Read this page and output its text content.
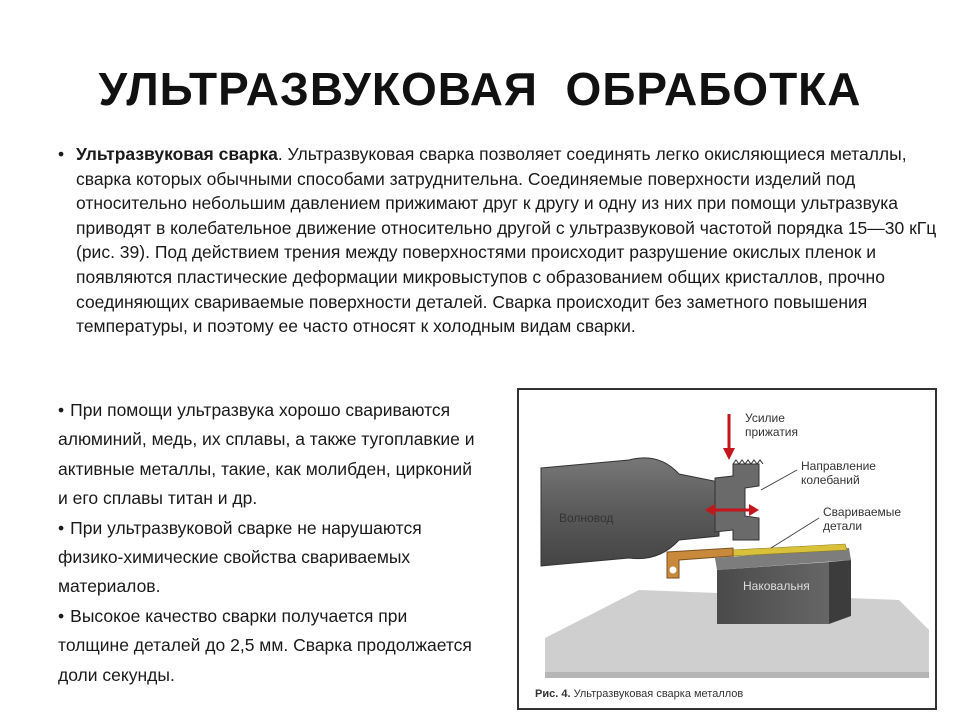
УЛЬТРАЗВУКОВАЯ  ОБРАБОТКА
• Ультразвуковая сварка. Ультразвуковая сварка позволяет соединять легко окисляющиеся металлы, сварка которых обычными способами затруднительна. Соединяемые поверхности изделий под относительно небольшим давлением прижимают друг к другу и одну из них при помощи ультразвука приводят в колебательное движение относительно другой с ультразвуковой частотой порядка 15—30 кГц (рис. 39). Под действием трения между поверхностями происходит разрушение окислых пленок и появляются пластические деформации микровыступов с образованием общих кристаллов, прочно соединяющих свариваемые поверхности деталей. Сварка происходит без заметного повышения температуры, и поэтому ее часто относят к холодным видам сварки.
• При помощи ультразвука хорошо свариваются алюминий, медь, их сплавы, а также тугоплавкие и активные металлы, такие, как молибден, цирконий и его сплавы титан и др.
• При ультразвуковой сварке не нарушаются физико-химические свойства свариваемых материалов.
• Высокое качество сварки получается при толщине деталей до 2,5 мм. Сварка продолжается доли секунды.
Усилие
прижатия
Направление
колебаний
Свариваемые
детали
Волновод
Наковальня
Рис. 4. Ультразвуковая сварка металлов
